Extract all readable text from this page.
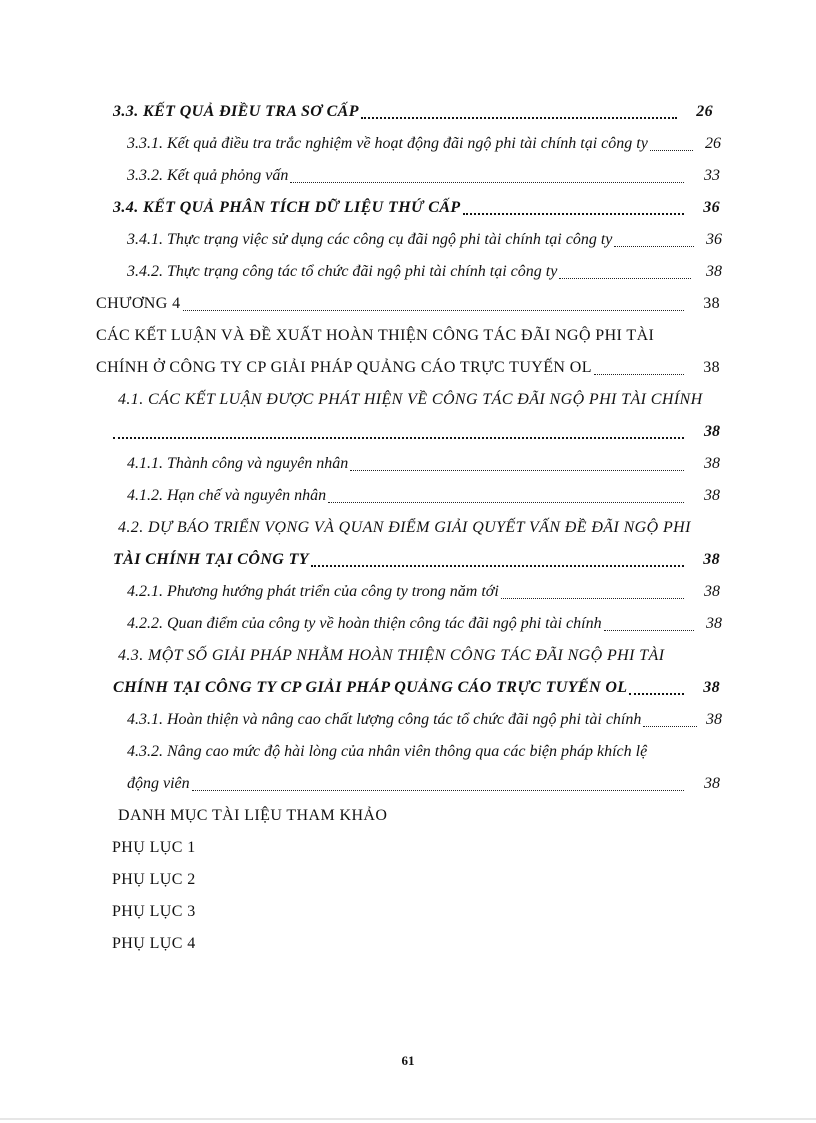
3.3. KẾT QUẢ ĐIỀU TRA SƠ CẤP	26
3.3.1. Kết quả điều tra trắc nghiệm về hoạt động đãi ngộ phi tài chính tại công ty	26
3.3.2. Kết quả phỏng vấn	33
3.4. KẾT QUẢ PHÂN TÍCH DỮ LIỆU THỨ CẤP	36
3.4.1. Thực trạng việc sử dụng các công cụ đãi ngộ phi tài chính tại công ty	36
3.4.2. Thực trạng công tác tổ chức đãi ngộ phi tài chính tại công ty	38
CHƯƠNG 4	38
CÁC KẾT LUẬN VÀ ĐỀ XUẤT HOÀN THIỆN CÔNG TÁC ĐÃI NGỘ PHI TÀI
CHÍNH Ở CÔNG TY CP GIẢI PHÁP QUẢNG CÁO TRỰC TUYẾN OL	38
4.1. CÁC KẾT LUẬN ĐƯỢC PHÁT HIỆN VỀ CÔNG TÁC ĐÃI NGỘ PHI TÀI CHÍNH
38
4.1.1. Thành công và nguyên nhân	38
4.1.2. Hạn chế và nguyên nhân	38
4.2. DỰ BÁO TRIỂN VỌNG VÀ QUAN ĐIỂM GIẢI QUYẾT VẤN ĐỀ ĐÃI NGỘ PHI
TÀI CHÍNH TẠI CÔNG TY	38
4.2.1. Phương hướng phát triển của công ty trong năm tới	38
4.2.2. Quan điểm của công ty về hoàn thiện công tác đãi ngộ phi tài chính	38
4.3. MỘT SỐ GIẢI PHÁP NHẰM HOÀN THIỆN CÔNG TÁC ĐÃI NGỘ PHI TÀI
CHÍNH TẠI CÔNG TY CP GIẢI PHÁP QUẢNG CÁO TRỰC TUYẾN OL	38
4.3.1. Hoàn thiện và nâng cao chất lượng công tác tổ chức đãi ngộ phi tài chính	38
4.3.2. Nâng cao mức độ hài lòng của nhân viên thông qua các biện pháp khích lệ
động viên	38
DANH MỤC TÀI LIỆU THAM KHẢO
PHỤ LỤC 1
PHỤ LỤC 2
PHỤ LỤC 3
PHỤ LỤC 4
61
